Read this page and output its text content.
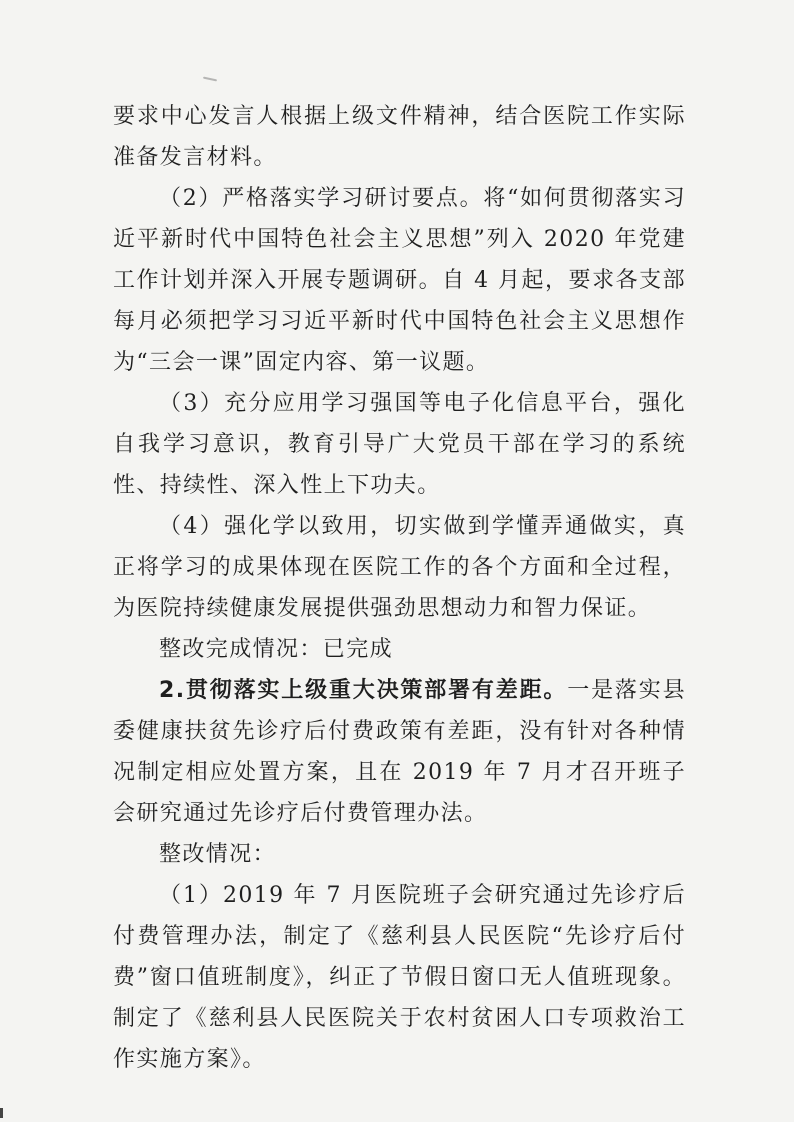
要求中心发言人根据上级文件精神，结合医院工作实际准备发言材料。

（2）严格落实学习研讨要点。将“如何贯彻落实习近平新时代中国特色社会主义思想”列入 2020 年党建工作计划并深入开展专题调研。自 4 月起，要求各支部每月必须把学习习近平新时代中国特色社会主义思想作为“三会一课”固定内容、第一议题。

（3）充分应用学习强国等电子化信息平台，强化自我学习意识，教育引导广大党员干部在学习的系统性、持续性、深入性上下功夫。

（4）强化学以致用，切实做到学懂弄通做实，真正将学习的成果体现在医院工作的各个方面和全过程，为医院持续健康发展提供强劲思想动力和智力保证。

整改完成情况：已完成

2.贯彻落实上级重大决策部署有差距。一是落实县委健康扶贫先诊疗后付费政策有差距，没有针对各种情况制定相应处置方案，且在 2019 年 7 月才召开班子会研究通过先诊疗后付费管理办法。

整改情况：

（1）2019 年 7 月医院班子会研究通过先诊疗后付费管理办法，制定了《慈利县人民医院“先诊疗后付费”窗口值班制度》，纠正了节假日窗口无人值班现象。制定了《慈利县人民医院关于农村贫困人口专项救治工作实施方案》。
